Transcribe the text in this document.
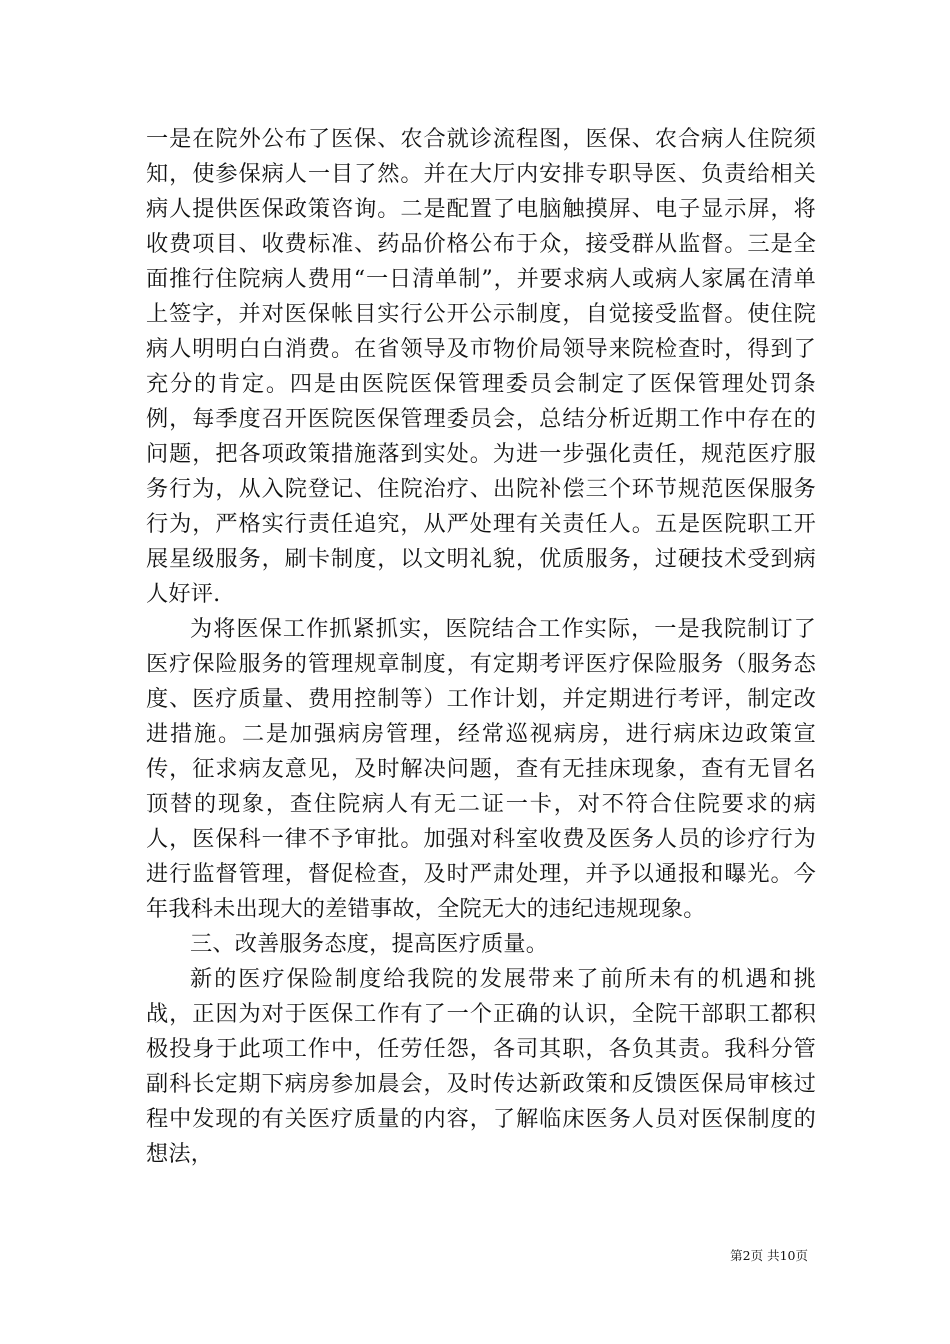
一是在院外公布了医保、农合就诊流程图，医保、农合病人住院须知，使参保病人一目了然。并在大厅内安排专职导医、负责给相关病人提供医保政策咨询。二是配置了电脑触摸屏、电子显示屏，将收费项目、收费标准、药品价格公布于众，接受群从监督。三是全面推行住院病人费用“一日清单制”，并要求病人或病人家属在清单上签字，并对医保帐目实行公开公示制度，自觉接受监督。使住院病人明明白白消费。在省领导及市物价局领导来院检查时，得到了充分的肯定。四是由医院医保管理委员会制定了医保管理处罚条例，每季度召开医院医保管理委员会，总结分析近期工作中存在的问题，把各项政策措施落到实处。为进一步强化责任，规范医疗服务行为，从入院登记、住院治疗、出院补偿三个环节规范医保服务行为，严格实行责任追究，从严处理有关责任人。五是医院职工开展星级服务，刷卡制度，以文明礼貌，优质服务，过硬技术受到病人好评.

为将医保工作抓紧抓实，医院结合工作实际，一是我院制订了医疗保险服务的管理规章制度，有定期考评医疗保险服务（服务态度、医疗质量、费用控制等）工作计划，并定期进行考评，制定改进措施。二是加强病房管理，经常巡视病房，进行病床边政策宣传，征求病友意见，及时解决问题，查有无挂床现象，查有无冒名顶替的现象，查住院病人有无二证一卡，对不符合住院要求的病人，医保科一律不予审批。加强对科室收费及医务人员的诊疗行为进行监督管理，督促检查，及时严肃处理，并予以通报和曝光。今年我科未出现大的差错事故，全院无大的违纪违规现象。

三、改善服务态度，提高医疗质量。

新的医疗保险制度给我院的发展带来了前所未有的机遇和挑战，正因为对于医保工作有了一个正确的认识，全院干部职工都积极投身于此项工作中，任劳任怨，各司其职，各负其责。我科分管副科长定期下病房参加晨会，及时传达新政策和反馈医保局审核过程中发现的有关医疗质量的内容，了解临床医务人员对医保制度的想法，

第2页 共10页
